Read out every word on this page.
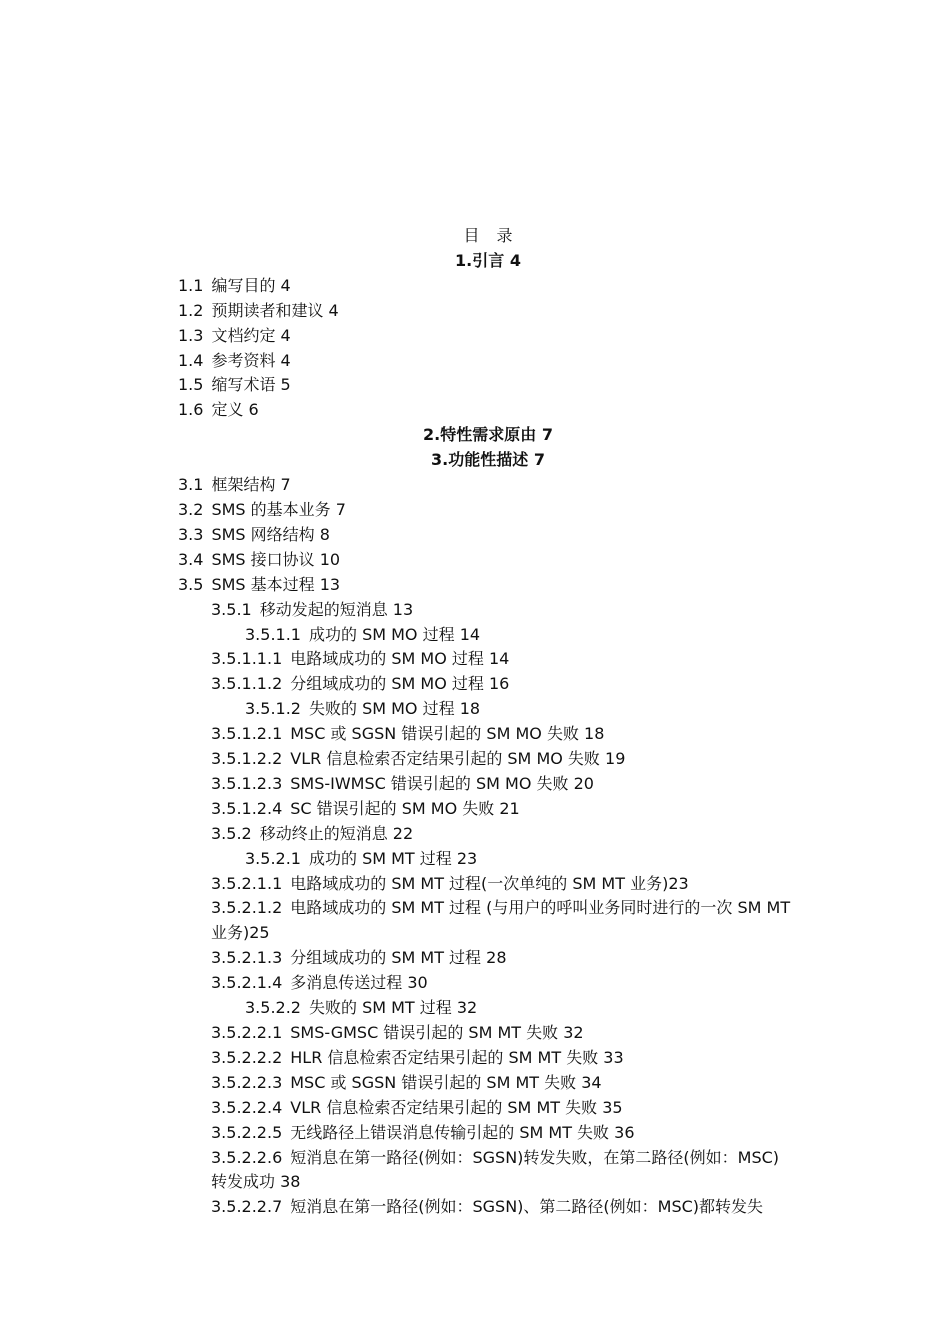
目 录
1.引言 4
1.1 编写目的 4
1.2 预期读者和建议 4
1.3 文档约定 4
1.4 参考资料 4
1.5 缩写术语 5
1.6 定义 6
2.特性需求原由 7
3.功能性描述 7
3.1 框架结构 7
3.2 SMS 的基本业务 7
3.3 SMS 网络结构 8
3.4 SMS 接口协议 10
3.5 SMS 基本过程 13
3.5.1 移动发起的短消息 13
3.5.1.1 成功的 SM MO 过程 14
3.5.1.1.1 电路域成功的 SM MO 过程 14
3.5.1.1.2 分组域成功的 SM MO 过程 16
3.5.1.2 失败的 SM MO 过程 18
3.5.1.2.1 MSC 或 SGSN 错误引起的 SM MO 失败 18
3.5.1.2.2 VLR 信息检索否定结果引起的 SM MO 失败 19
3.5.1.2.3 SMS-IWMSC 错误引起的 SM MO 失败 20
3.5.1.2.4 SC 错误引起的 SM MO 失败 21
3.5.2 移动终止的短消息 22
3.5.2.1 成功的 SM MT 过程 23
3.5.2.1.1 电路域成功的 SM MT 过程(一次单纯的 SM MT 业务)23
3.5.2.1.2 电路域成功的 SM MT 过程 (与用户的呼叫业务同时进行的一次 SM MT 业务)25
3.5.2.1.3 分组域成功的 SM MT 过程 28
3.5.2.1.4 多消息传送过程 30
3.5.2.2 失败的 SM MT 过程 32
3.5.2.2.1 SMS-GMSC 错误引起的 SM MT 失败 32
3.5.2.2.2 HLR 信息检索否定结果引起的 SM MT 失败 33
3.5.2.2.3 MSC 或 SGSN 错误引起的 SM MT 失败 34
3.5.2.2.4 VLR 信息检索否定结果引起的 SM MT 失败 35
3.5.2.2.5 无线路径上错误消息传输引起的 SM MT 失败 36
3.5.2.2.6 短消息在第一路径(例如：SGSN)转发失败，在第二路径(例如：MSC)转发成功 38
3.5.2.2.7 短消息在第一路径(例如：SGSN)、第二路径(例如：MSC)都转发失
